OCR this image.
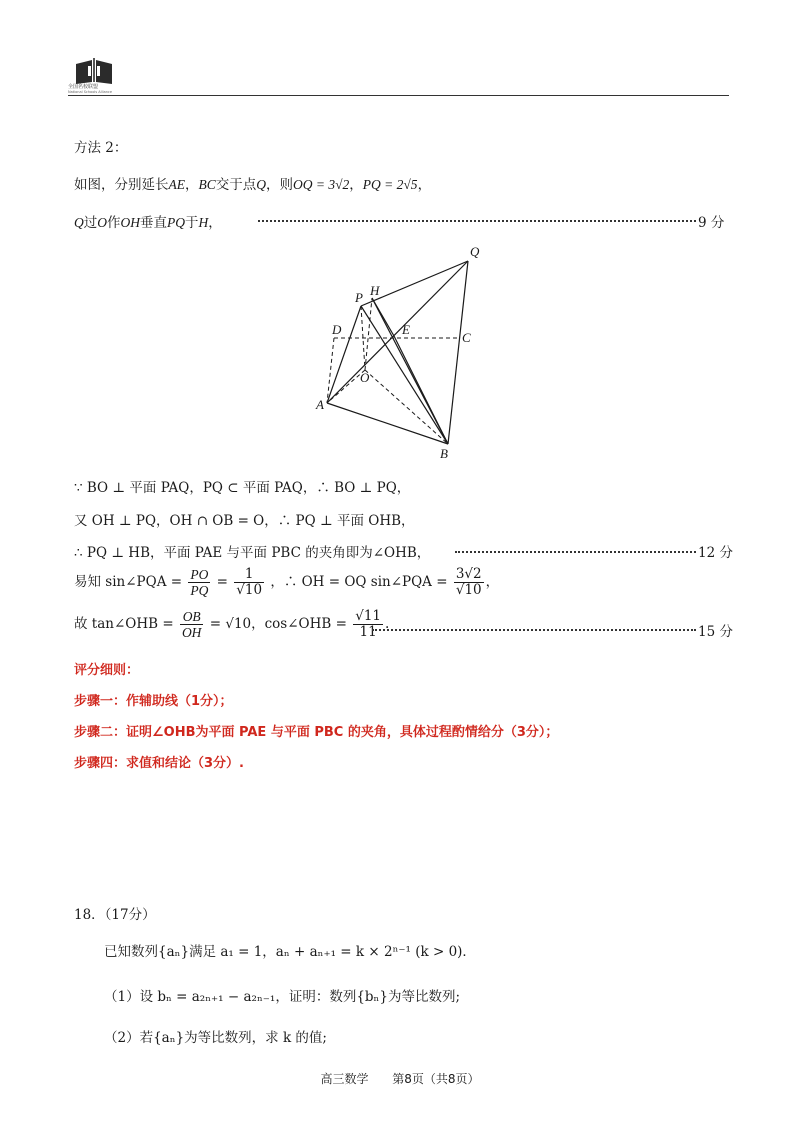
全国名校联盟
National Schools Alliance
方法 2：
如图，分别延长AE，BC交于点Q，则OQ = 3√2，PQ = 2√5，
Q过O作OH垂直PQ于H，	9 分
Q
P H
D	E
C
O
A
B
∵ BO ⊥ 平面 PAQ，PQ ⊂ 平面 PAQ，∴ BO ⊥ PQ，
又 OH ⊥ PQ，OH ∩ OB = O，∴ PQ ⊥ 平面 OHB，
∴ PQ ⊥ HB，平面 PAE 与平面 PBC 的夹角即为∠OHB，	12 分
易知 sin∠PQA = $\frac{PO}{PQ} = \frac{1}{√10}$ ，∴ OH = OQ sin∠PQA = $\frac{3√2}{√10}$ ，
故 tan∠OHB = $\frac{OB}{OH} = √10$，cos∠OHB = $\frac{√11}{11}$ .	15 分
评分细则：
步骤一：作辅助线（1分）；
步骤二：证明∠OHB为平面 PAE 与平面 PBC 的夹角，具体过程酌情给分（3分）；
步骤四：求值和结论（3分）.
18．（17分）
已知数列{aₙ}满足 a₁ = 1，aₙ + aₙ₊₁ = k × 2ⁿ⁻¹ (k > 0)．
（1）设 bₙ = a₂ₙ₊₁ − a₂ₙ₋₁，证明：数列{bₙ}为等比数列;
（2）若{aₙ}为等比数列，求 k 的值;
高三数学 第8页（共8页）
